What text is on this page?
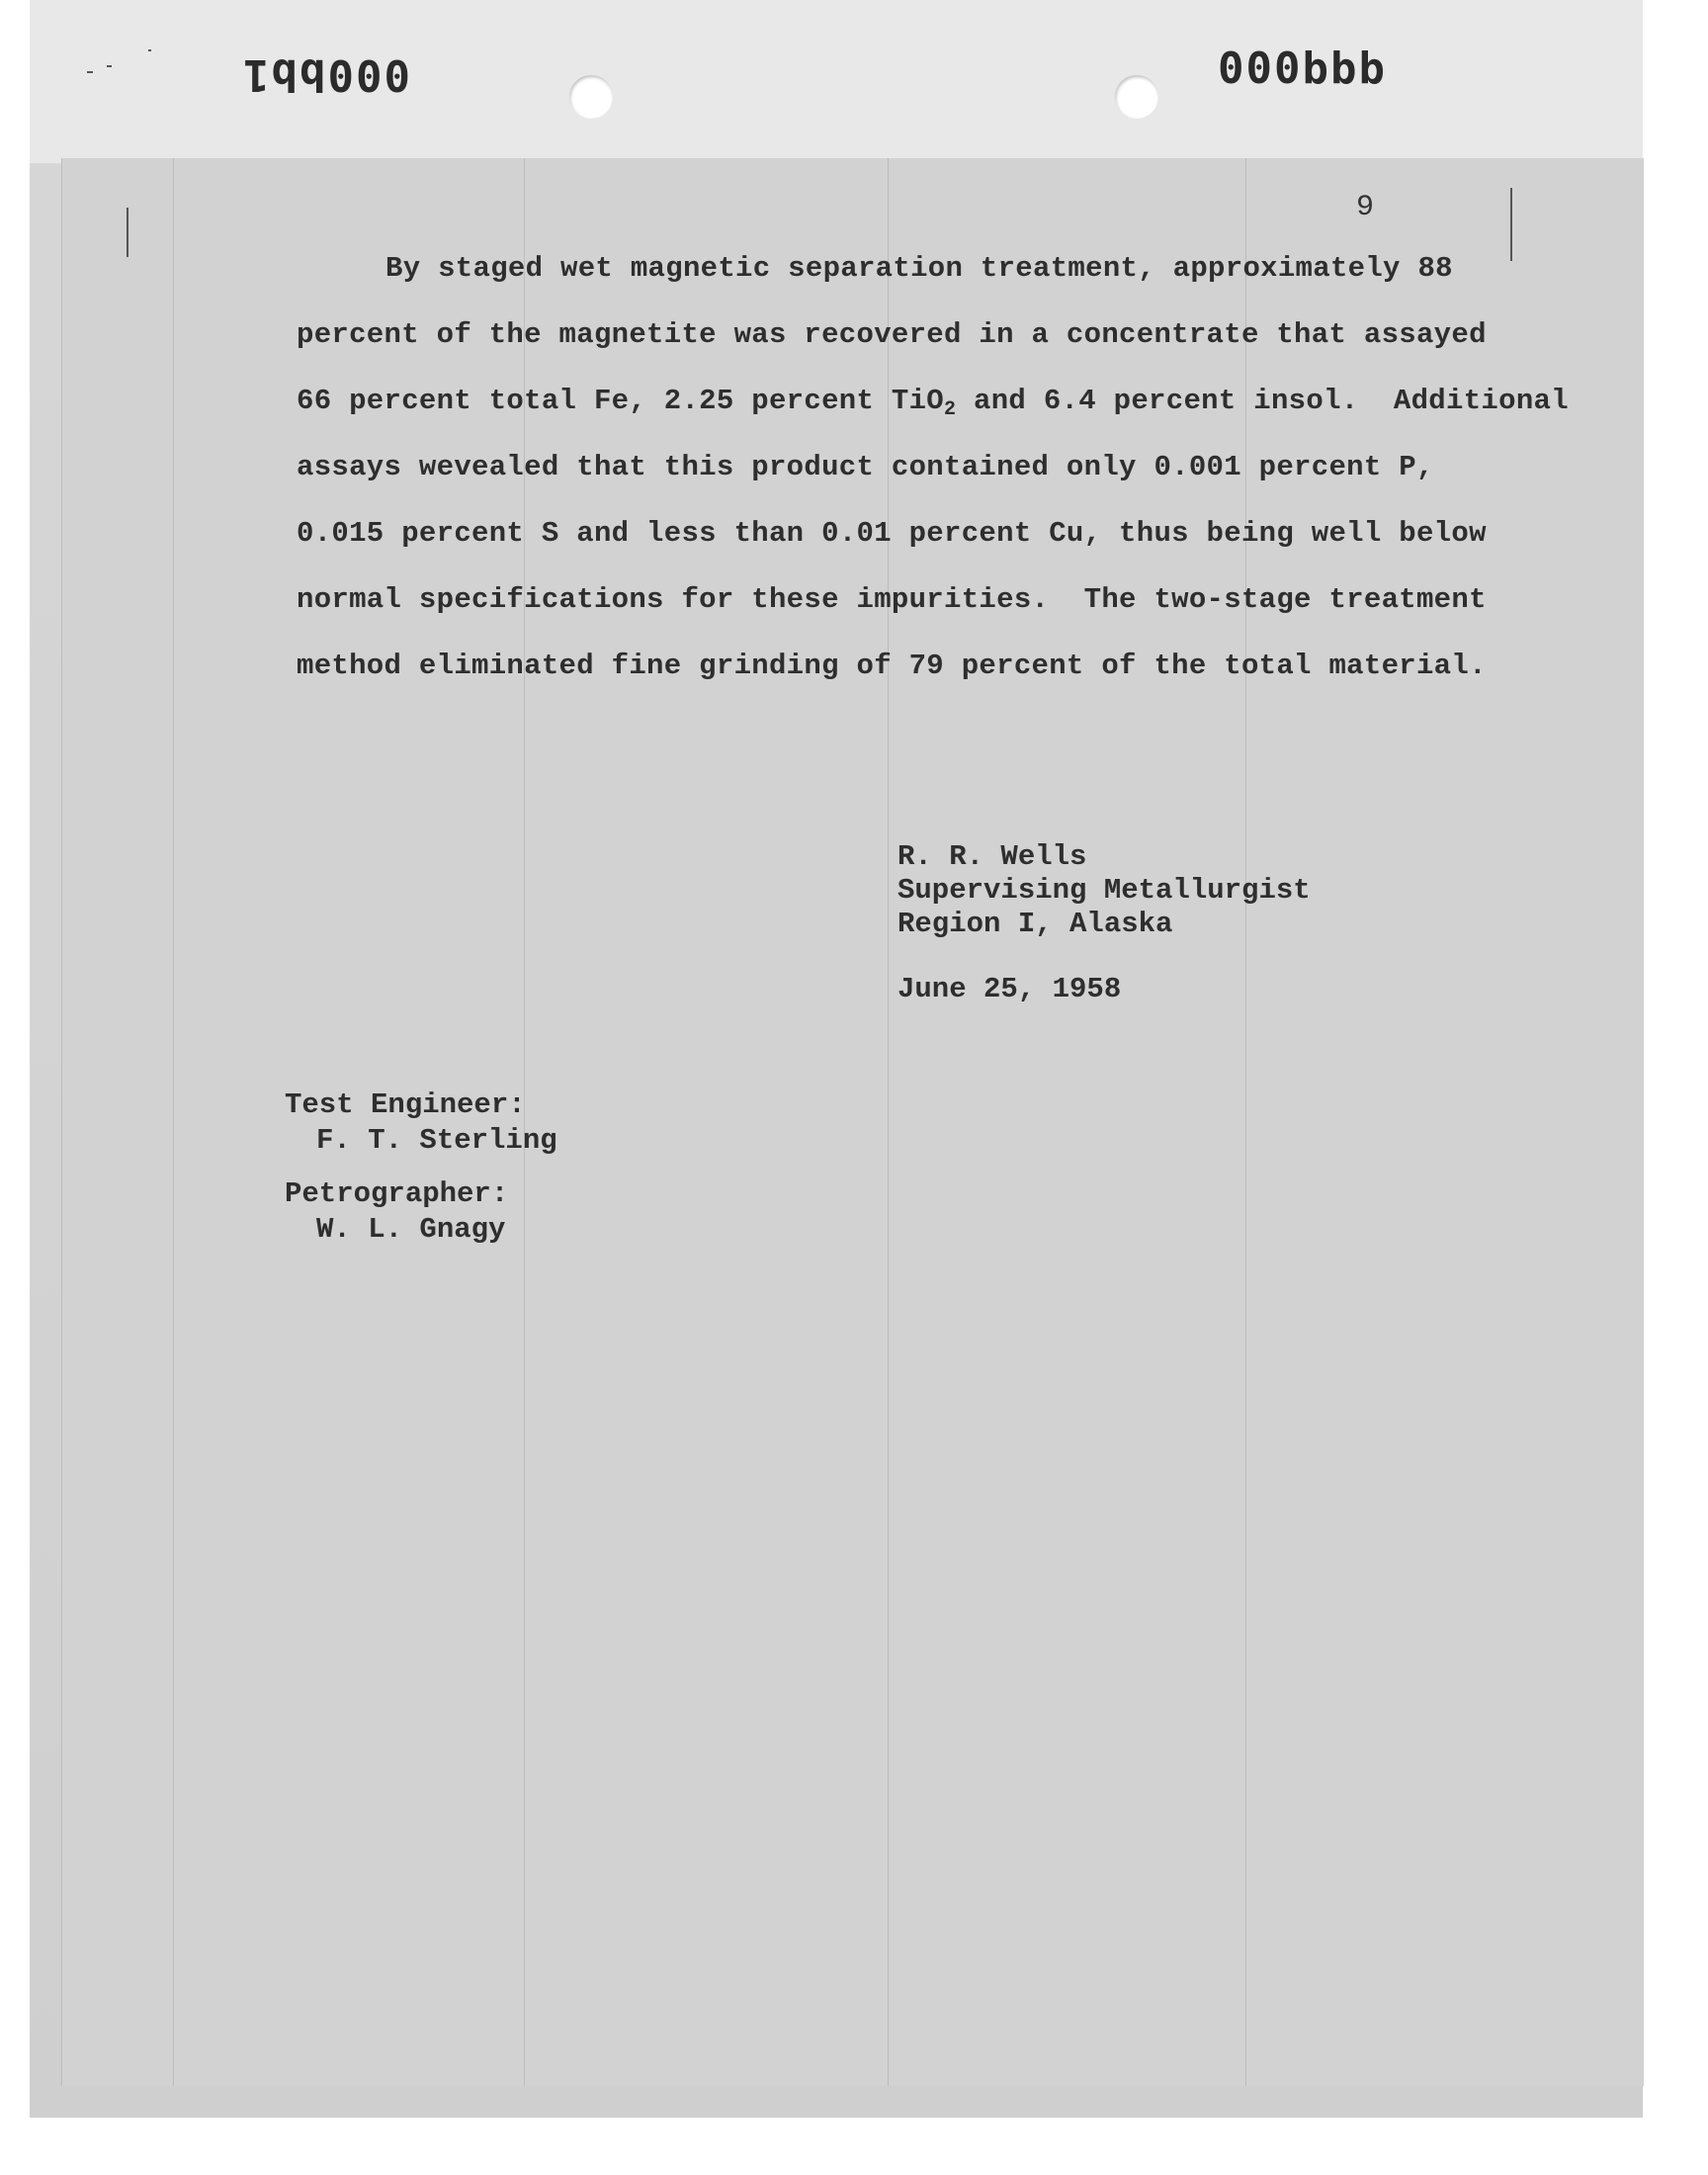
000bb1	000bbb
9
By staged wet magnetic separation treatment, approximately 88
percent of the magnetite was recovered in a concentrate that assayed
66 percent total Fe, 2.25 percent TiO$_2$ and 6.4 percent insol.  Additional
assays wevealed that this product contained only 0.001 percent P,
0.015 percent S and less than 0.01 percent Cu, thus being well below
normal specifications for these impurities.  The two-stage treatment
method eliminated fine grinding of 79 percent of the total material.
R. R. Wells
Supervising Metallurgist
Region I, Alaska
June 25, 1958
Test Engineer:
F. T. Sterling
Petrographer:
W. L. Gnagy
